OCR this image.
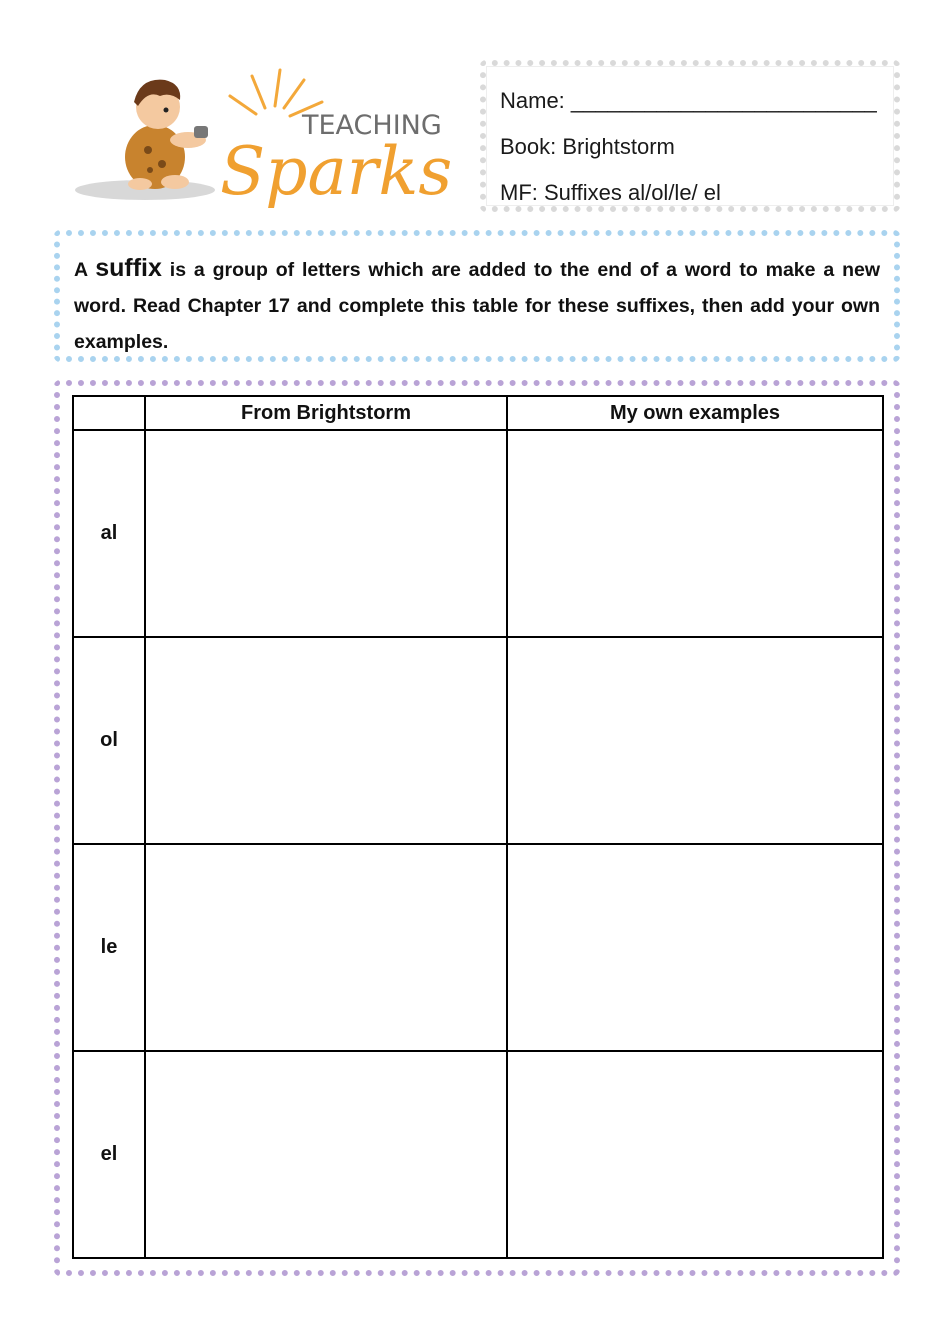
TEACHING
Sparks
Name: _________________________
Book: Brightstorm
MF: Suffixes al/ol/le/ el
A suffix is a group of letters which are added to the end of a word to make a new word. Read Chapter 17 and complete this table for these suffixes, then add your own examples.
	From Brightstorm	My own examples
al		
ol		
le		
el		
